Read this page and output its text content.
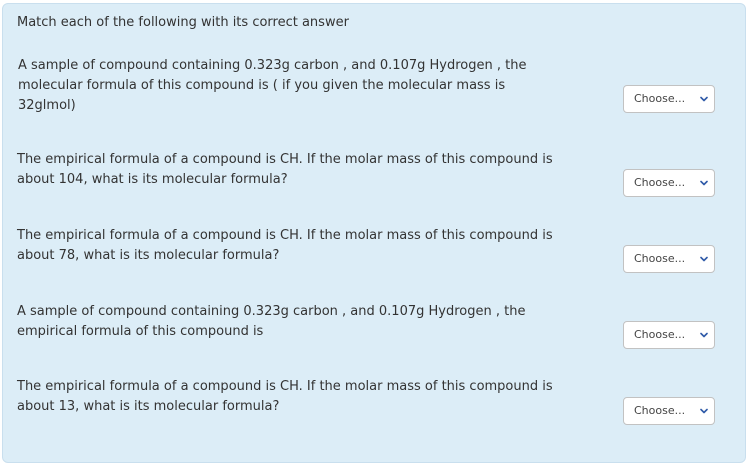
Match each of the following with its correct answer
A sample of compound containing 0.323g carbon , and 0.107g Hydrogen , the
molecular formula of this compound is ( if you given the molecular mass is
32glmol)	Choose...
The empirical formula of a compound is CH. If the molar mass of this compound is
about 104, what is its molecular formula?	Choose...
The empirical formula of a compound is CH. If the molar mass of this compound is
about 78, what is its molecular formula?	Choose...
A sample of compound containing 0.323g carbon , and 0.107g Hydrogen , the
empirical formula of this compound is	Choose...
The empirical formula of a compound is CH. If the molar mass of this compound is
about 13, what is its molecular formula?	Choose...
